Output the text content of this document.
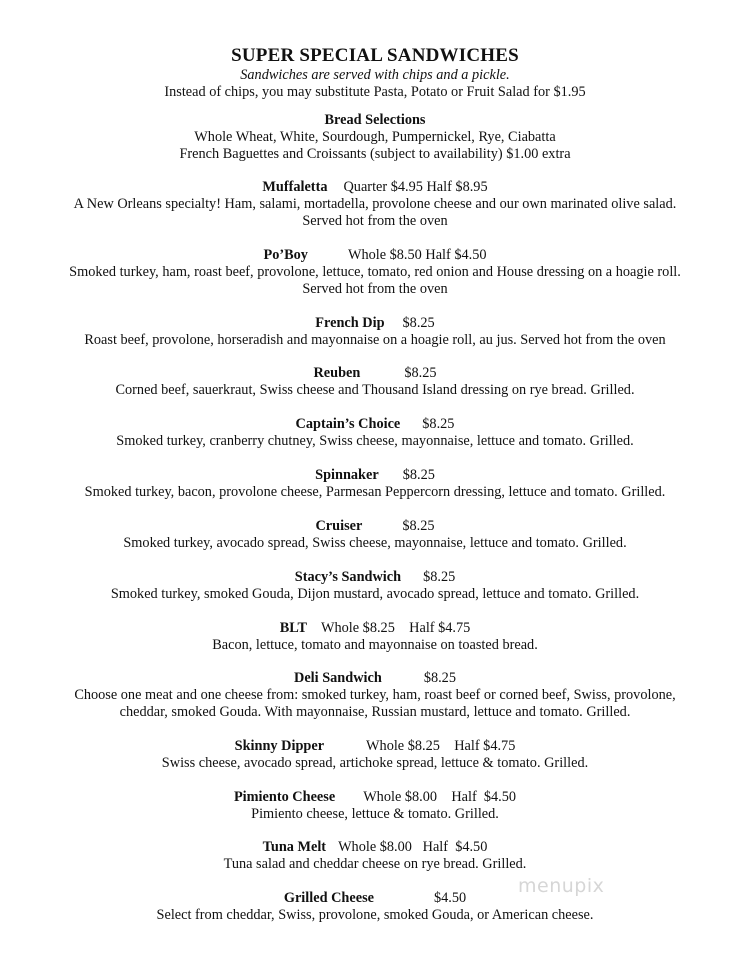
SUPER SPECIAL SANDWICHES
Sandwiches are served with chips and a pickle.
Instead of chips, you may substitute Pasta, Potato or Fruit Salad for $1.95
Bread Selections
Whole Wheat, White, Sourdough, Pumpernickel, Rye, Ciabatta
French Baguettes and Croissants (subject to availability) $1.00 extra
Muffaletta Quarter $4.95 Half $8.95
A New Orleans specialty! Ham, salami, mortadella, provolone cheese and our own marinated olive salad.
Served hot from the oven
Po’Boy	Whole $8.50 Half $4.50
Smoked turkey, ham, roast beef, provolone, lettuce, tomato, red onion and House dressing on a hoagie roll.
Served hot from the oven
French Dip $8.25
Roast beef, provolone, horseradish and mayonnaise on a hoagie roll, au jus. Served hot from the oven
Reuben	$8.25
Corned beef, sauerkraut, Swiss cheese and Thousand Island dressing on rye bread. Grilled.
Captain’s Choice $8.25
Smoked turkey, cranberry chutney, Swiss cheese, mayonnaise, lettuce and tomato. Grilled.
Spinnaker $8.25
Smoked turkey, bacon, provolone cheese, Parmesan Peppercorn dressing, lettuce and tomato. Grilled.
Cruiser	$8.25
Smoked turkey, avocado spread, Swiss cheese, mayonnaise, lettuce and tomato. Grilled.
Stacy’s Sandwich $8.25
Smoked turkey, smoked Gouda, Dijon mustard, avocado spread, lettuce and tomato. Grilled.
BLT Whole $8.25    Half $4.75
Bacon, lettuce, tomato and mayonnaise on toasted bread.
Deli Sandwich	$8.25
Choose one meat and one cheese from: smoked turkey, ham, roast beef or corned beef, Swiss, provolone,
cheddar, smoked Gouda. With mayonnaise, Russian mustard, lettuce and tomato. Grilled.
Skinny Dipper	Whole $8.25    Half $4.75
Swiss cheese, avocado spread, artichoke spread, lettuce & tomato. Grilled.
Pimiento Cheese Whole $8.00    Half  $4.50
Pimiento cheese, lettuce & tomato. Grilled.
Tuna Melt Whole $8.00   Half  $4.50
Tuna salad and cheddar cheese on rye bread. Grilled.
Grilled Cheese	$4.50
Select from cheddar, Swiss, provolone, smoked Gouda, or American cheese.
menupix
